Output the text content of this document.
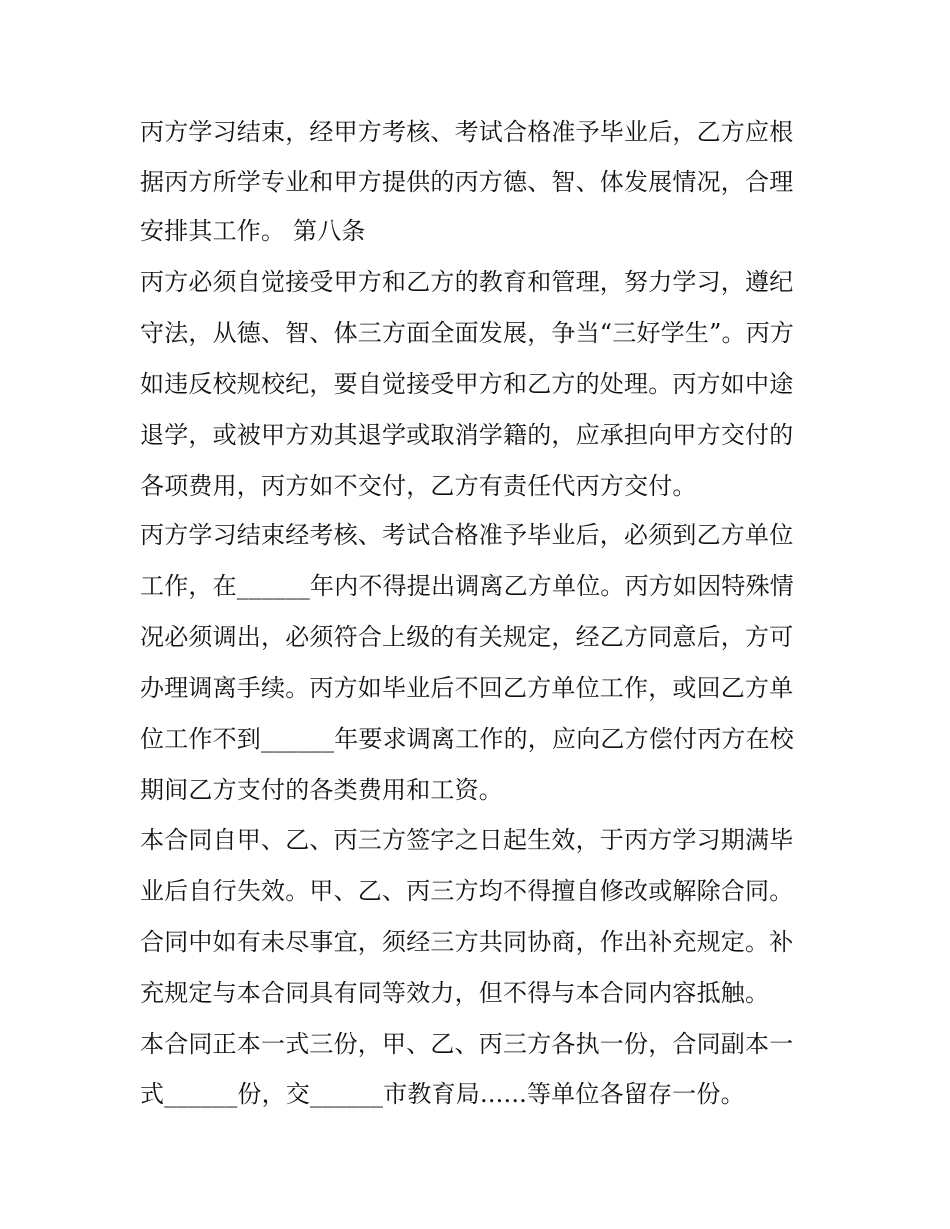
丙方学习结束，经甲方考核、考试合格准予毕业后，乙方应根
据丙方所学专业和甲方提供的丙方德、智、体发展情况，合理
安排其工作。 第八条
丙方必须自觉接受甲方和乙方的教育和管理，努力学习，遵纪
守法，从德、智、体三方面全面发展，争当“三好学生”。丙方
如违反校规校纪，要自觉接受甲方和乙方的处理。丙方如中途
退学，或被甲方劝其退学或取消学籍的，应承担向甲方交付的
各项费用，丙方如不交付，乙方有责任代丙方交付。
丙方学习结束经考核、考试合格准予毕业后，必须到乙方单位
工作，在______年内不得提出调离乙方单位。丙方如因特殊情
况必须调出，必须符合上级的有关规定，经乙方同意后，方可
办理调离手续。丙方如毕业后不回乙方单位工作，或回乙方单
位工作不到______年要求调离工作的，应向乙方偿付丙方在校
期间乙方支付的各类费用和工资。
本合同自甲、乙、丙三方签字之日起生效，于丙方学习期满毕
业后自行失效。甲、乙、丙三方均不得擅自修改或解除合同。
合同中如有未尽事宜，须经三方共同协商，作出补充规定。补
充规定与本合同具有同等效力，但不得与本合同内容抵触。
本合同正本一式三份，甲、乙、丙三方各执一份，合同副本一
式______份，交______市教育局......等单位各留存一份。
